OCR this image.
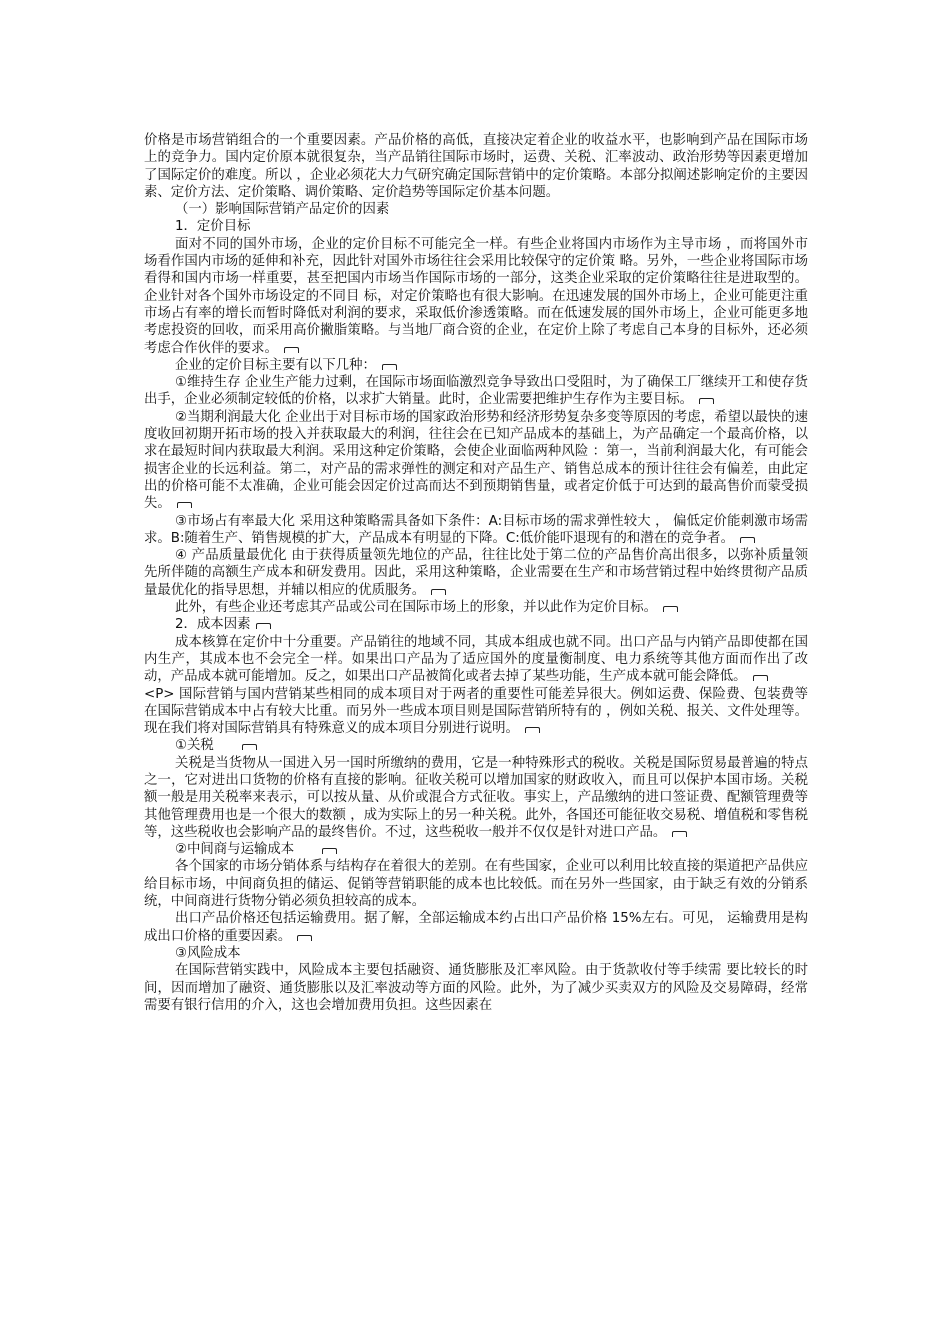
价格是市场营销组合的一个重要因素。产品价格的高低，直接决定着企业的收益水平，也影响到产品在国际市场上的竞争力。国内定价原本就很复杂，当产品销往国际市场时，运费、关税、汇率波动、政治形势等因素更增加了国际定价的难度。所以 ，企业必须花大力气研究确定国际营销中的定价策略。本部分拟阐述影响定价的主要因素、定价方法、定价策略、调价策略、定价趋势等国际定价基本问题。

（一）影响国际营销产品定价的因素

1．定价目标

面对不同的国外市场，企业的定价目标不可能完全一样。有些企业将国内市场作为主导市场 ，而将国外市场看作国内市场的延伸和补充，因此针对国外市场往往会采用比较保守的定价策 略。另外，一些企业将国际市场看得和国内市场一样重要，甚至把国内市场当作国际市场的一部分，这类企业采取的定价策略往往是进取型的。企业针对各个国外市场设定的不同目 标，对定价策略也有很大影响。在迅速发展的国外市场上，企业可能更注重市场占有率的增长而暂时降低对利润的要求，采取低价渗透策略。而在低速发展的国外市场上，企业可能更多地考虑投资的回收，而采用高价撇脂策略。与当地厂商合资的企业，在定价上除了考虑自己本身的目标外，还必须考虑合作伙伴的要求。

企业的定价目标主要有以下几种：

①维持生存 企业生产能力过剩，在国际市场面临激烈竞争导致出口受阻时，为了确保工厂继续开工和使存货出手，企业必须制定较低的价格，以求扩大销量。此时，企业需要把维护生存作为主要目标。

②当期利润最大化 企业出于对目标市场的国家政治形势和经济形势复杂多变等原因的考虑，希望以最快的速度收回初期开拓市场的投入并获取最大的利润，往往会在已知产品成本的基础上，为产品确定一个最高价格，以求在最短时间内获取最大利润。采用这种定价策略，会使企业面临两种风险 ：第一，当前利润最大化，有可能会损害企业的长远利益。第二，对产品的需求弹性的测定和对产品生产、销售总成本的预计往往会有偏差，由此定出的价格可能不太准确，企业可能会因定价过高而达不到预期销售量，或者定价低于可达到的最高售价而蒙受损失。

③市场占有率最大化 采用这种策略需具备如下条件：A:目标市场的需求弹性较大 ， 偏低定价能刺激市场需求。B:随着生产、销售规模的扩大，产品成本有明显的下降。C:低价能吓退现有的和潜在的竞争者。

④ 产品质量最优化 由于获得质量领先地位的产品，往往比处于第二位的产品售价高出很多，以弥补质量领先所伴随的高额生产成本和研发费用。因此，采用这种策略，企业需要在生产和市场营销过程中始终贯彻产品质 量最优化的指导思想，并辅以相应的优质服务。

此外，有些企业还考虑其产品或公司在国际市场上的形象，并以此作为定价目标。

2．成本因素

成本核算在定价中十分重要。产品销往的地域不同，其成本组成也就不同。出口产品与内销产品即使都在国内生产，其成本也不会完全一样。如果出口产品为了适应国外的度量衡制度、电力系统等其他方面而作出了改动，产品成本就可能增加。反之，如果出口产品被简化或者去掉了某些功能，生产成本就可能会降低。

<P> 国际营销与国内营销某些相同的成本项目对于两者的重要性可能差异很大。例如运费、保险费、包装费等在国际营销成本中占有较大比重。而另外一些成本项目则是国际营销所特有的 ，例如关税、报关、文件处理等。现在我们将对国际营销具有特殊意义的成本项目分别进行说明。

①关税

关税是当货物从一国进入另一国时所缴纳的费用，它是一种特殊形式的税收。关税是国际贸易最普遍的特点之一，它对进出口货物的价格有直接的影响。征收关税可以增加国家的财政收入，而且可以保护本国市场。关税额一般是用关税率来表示，可以按从量、从价或混合方式征收。事实上，产品缴纳的进口签证费、配额管理费等其他管理费用也是一个很大的数额 ，成为实际上的另一种关税。此外，各国还可能征收交易税、增值税和零售税等，这些税收也会影响产品的最终售价。不过，这些税收一般并不仅仅是针对进口产品。

②中间商与运输成本

各个国家的市场分销体系与结构存在着很大的差别。在有些国家，企业可以利用比较直接的渠道把产品供应给目标市场，中间商负担的储运、促销等营销职能的成本也比较低。而在另外一些国家，由于缺乏有效的分销系统，中间商进行货物分销必须负担较高的成本。

出口产品价格还包括运输费用。据了解，全部运输成本约占出口产品价格 15%左右。可见， 运输费用是构成出口价格的重要因素。

③风险成本

在国际营销实践中，风险成本主要包括融资、通货膨胀及汇率风险。由于货款收付等手续需 要比较长的时间，因而增加了融资、通货膨胀以及汇率波动等方面的风险。此外，为了减少买卖双方的风险及交易障碍，经常需要有银行信用的介入，这也会增加费用负担。这些因素在
